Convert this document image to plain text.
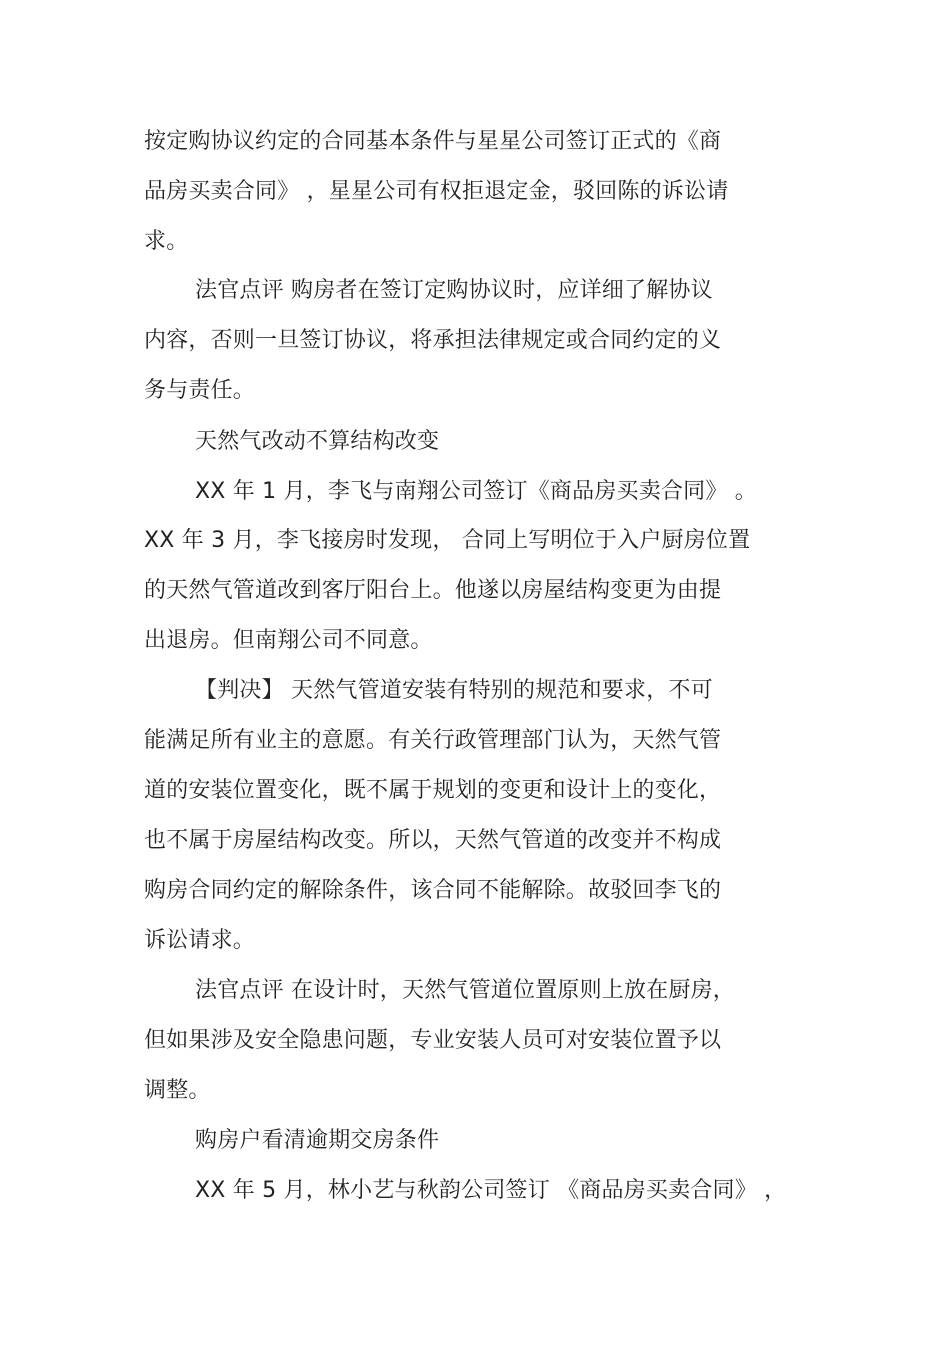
按定购协议约定的合同基本条件与星星公司签订正式的《商
品房买卖合同》 ，星星公司有权拒退定金，驳回陈的诉讼请
求。
法官点评 购房者在签订定购协议时，应详细了解协议
内容，否则一旦签订协议，将承担法律规定或合同约定的义
务与责任。
天然气改动不算结构改变
XX 年 1 月，李飞与南翔公司签订《商品房买卖合同》 。
XX 年 3 月，李飞接房时发现， 合同上写明位于入户厨房位置
的天然气管道改到客厅阳台上。他遂以房屋结构变更为由提
出退房。但南翔公司不同意。
【判决】 天然气管道安装有特别的规范和要求，不可
能满足所有业主的意愿。有关行政管理部门认为，天然气管
道的安装位置变化，既不属于规划的变更和设计上的变化，
也不属于房屋结构改变。所以，天然气管道的改变并不构成
购房合同约定的解除条件，该合同不能解除。故驳回李飞的
诉讼请求。
法官点评 在设计时，天然气管道位置原则上放在厨房，
但如果涉及安全隐患问题，专业安装人员可对安装位置予以
调整。
购房户看清逾期交房条件
XX 年 5 月，林小艺与秋韵公司签订 《商品房买卖合同》 ，
